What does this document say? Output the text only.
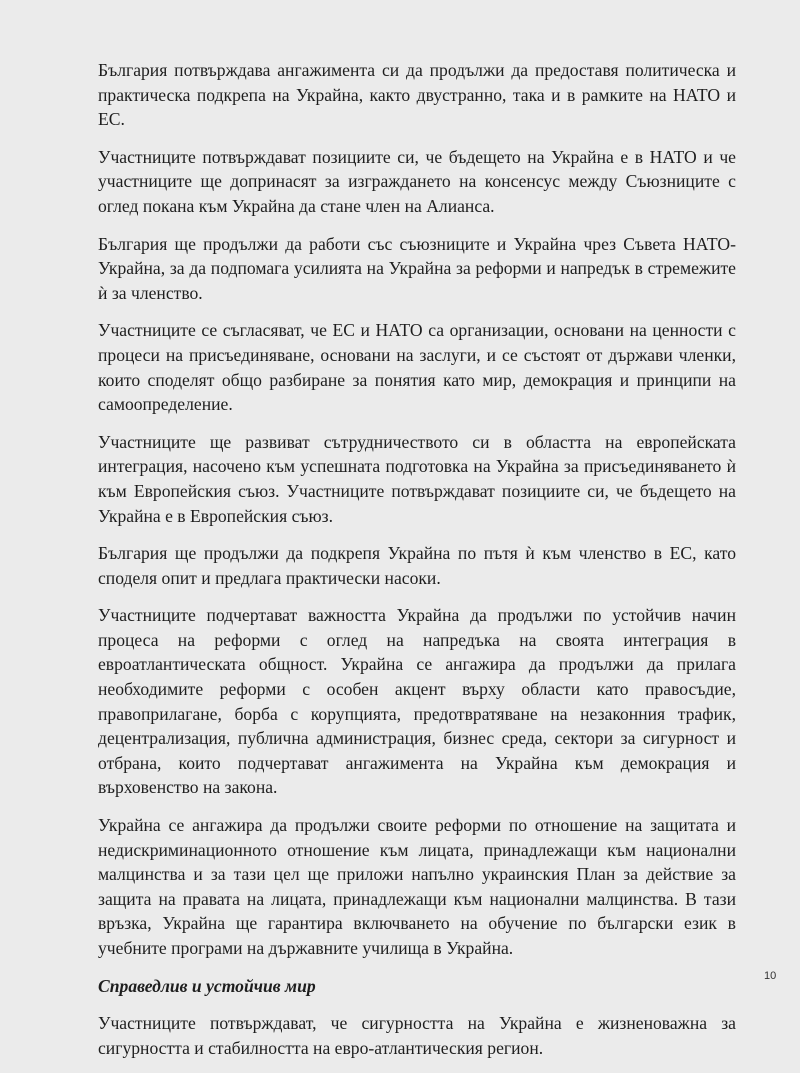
България потвърждава ангажимента си да продължи да предоставя политическа и практическа подкрепа на Украйна, както двустранно, така и в рамките на НАТО и ЕС.

Участниците потвърждават позициите си, че бъдещето на Украйна е в НАТО и че участниците ще допринасят за изграждането на консенсус между Съюзниците с оглед покана към Украйна да стане член на Алианса.

България ще продължи да работи със съюзниците и Украйна чрез Съвета НАТО-Украйна, за да подпомага усилията на Украйна за реформи и напредък в стремежите ѝ за членство.

Участниците се съгласяват, че ЕС и НАТО са организации, основани на ценности с процеси на присъединяване, основани на заслуги, и се състоят от държави членки, които споделят общо разбиране за понятия като мир, демокрация и принципи на самоопределение.

Участниците ще развиват сътрудничеството си в областта на европейската интеграция, насочено към успешната подготовка на Украйна за присъединяването ѝ към Европейския съюз. Участниците потвърждават позициите си, че бъдещето на Украйна е в Европейския съюз.

България ще продължи да подкрепя Украйна по пътя ѝ към членство в ЕС, като споделя опит и предлага практически насоки.

Участниците подчертават важността Украйна да продължи по устойчив начин процеса на реформи с оглед на напредъка на своята интеграция в евроатлантическата общност. Украйна се ангажира да продължи да прилага необходимите реформи с особен акцент върху области като правосъдие, правоприлагане, борба с корупцията, предотвратяване на незаконния трафик, децентрализация, публична администрация, бизнес среда, сектори за сигурност и отбрана, които подчертават ангажимента на Украйна към демокрация и върховенство на закона.

Украйна се ангажира да продължи своите реформи по отношение на защитата и недискриминационното отношение към лицата, принадлежащи към национални малцинства и за тази цел ще приложи напълно украинския План за действие за защита на правата на лицата, принадлежащи към национални малцинства. В тази връзка, Украйна ще гарантира включването на обучение по български език в учебните програми на държавните училища в Украйна.

Справедлив и устойчив мир

Участниците потвърждават, че сигурността на Украйна е жизненоважна за сигурността и стабилността на евро-атлантическия регион.

10
